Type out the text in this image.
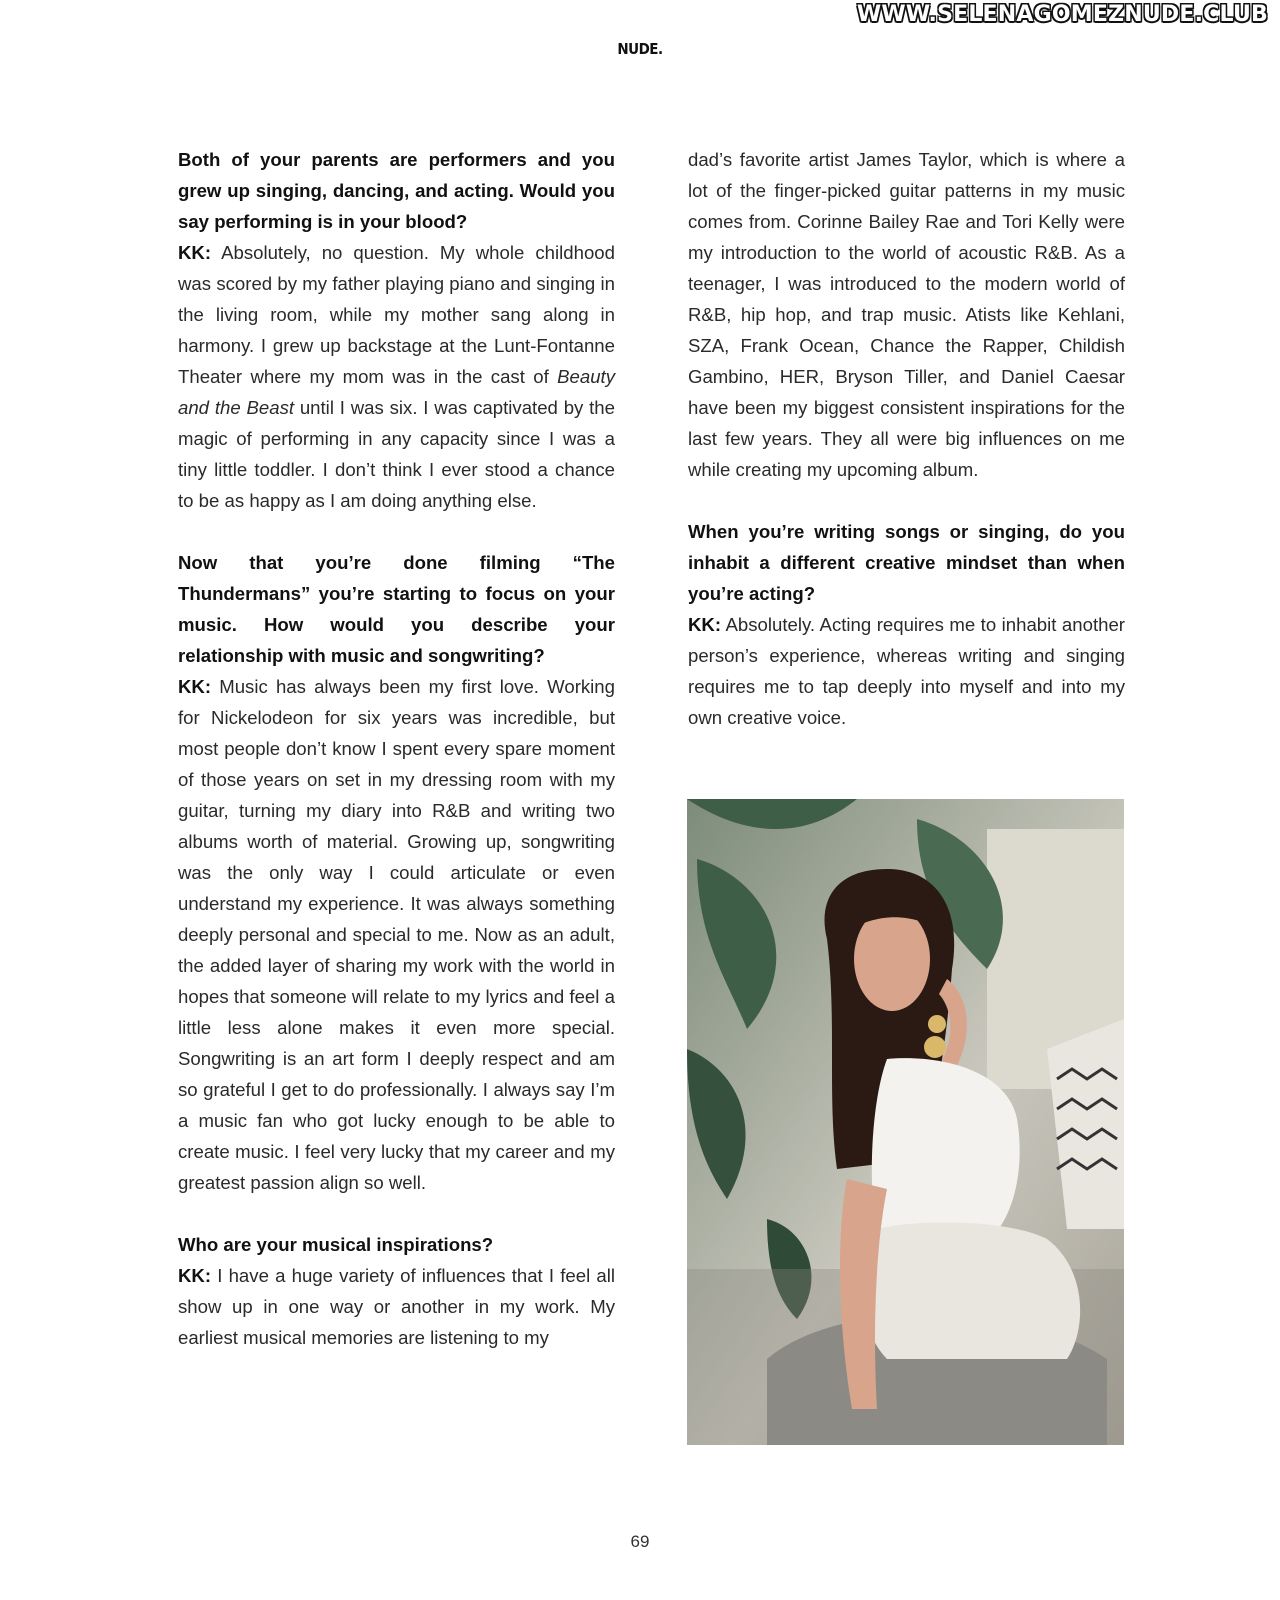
WWW.SELENAGOMEZNUDE.CLUB
NUDE.

Both of your parents are performers and you grew up singing, dancing, and acting. Would you say performing is in your blood?

KK: Absolutely, no question. My whole childhood was scored by my father playing piano and singing in the living room, while my mother sang along in harmony. I grew up backstage at the Lunt-Fontanne Theater where my mom was in the cast of Beauty and the Beast until I was six. I was captivated by the magic of performing in any capacity since I was a tiny little toddler. I don’t think I ever stood a chance to be as happy as I am doing anything else.

Now that you’re done filming “The Thundermans” you’re starting to focus on your music. How would you describe your relationship with music and songwriting?

KK: Music has always been my first love. Working for Nickelodeon for six years was incredible, but most people don’t know I spent every spare moment of those years on set in my dressing room with my guitar, turning my diary into R&B and writing two albums worth of material. Growing up, songwriting was the only way I could articulate or even understand my experience. It was always something deeply personal and special to me. Now as an adult, the added layer of sharing my work with the world in hopes that someone will relate to my lyrics and feel a little less alone makes it even more special. Songwriting is an art form I deeply respect and am so grateful I get to do professionally. I always say I’m a music fan who got lucky enough to be able to create music. I feel very lucky that my career and my greatest passion align so well.

Who are your musical inspirations?

KK: I have a huge variety of influences that I feel all show up in one way or another in my work. My earliest musical memories are listening to my

dad’s favorite artist James Taylor, which is where a lot of the finger-picked guitar patterns in my music comes from. Corinne Bailey Rae and Tori Kelly were my introduction to the world of acoustic R&B. As a teenager, I was introduced to the modern world of R&B, hip hop, and trap music. Atists like Kehlani, SZA, Frank Ocean, Chance the Rapper, Childish Gambino, HER, Bryson Tiller, and Daniel Caesar have been my biggest consistent inspirations for the last few years. They all were big influences on me while creating my upcoming album.

When you’re writing songs or singing, do you inhabit a different creative mindset than when you’re acting?

KK: Absolutely. Acting requires me to inhabit another person’s experience, whereas writing and singing requires me to tap deeply into myself and into my own creative voice.

69
